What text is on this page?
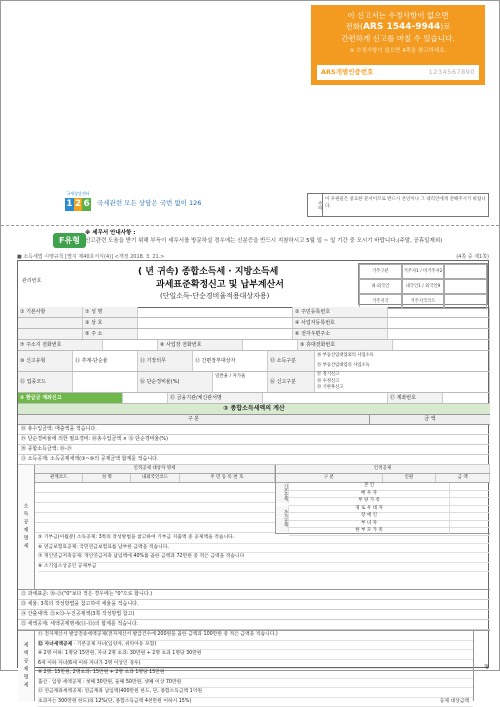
이 신고서는 수정사항이 없으면
전화(ARS 1544-9944)로
간편하게 신고를 마칠 수 있습니다.
※ 수정사항이 있으면 4쪽을 참고하세요.
ARS개별인증번호	1234567890
국세상담센터
1 2 6 국세관련 모든 상담은 국번 없이 126	주의
이 우편물은 중요한 문서이므로 반드시 본인이나 그 대리인에게 전해주시기 바랍니다.
F유형
※ 세무서 안내사항 :
신고관련 도움을 받기 위해 부득이 세무서를 방문하실 경우에는 신분증을 반드시 지참하시고 5월 일 ~ 일 기간 중 오시기 바랍니다.(주말, 공휴일제외)
■ 소득세법 시행규칙 [별지 제40호서식(4)] <개정 2018. 3. 21.>	(4쪽 중 제1쪽)
관리번호
( 년 귀속) 종합소득세 · 지방소득세
과세표준확정신고 및 납부계산서
(단일소득-단순경비율적용대상자용)
거주구분	거주자1 / 비거주자2
내·외국인	내국인1 / 외국인9
거주지국	거주지국코드
① 기본사항	① 성 명	② 주민등록번호
③ 상 호	④ 사업자등록번호
⑤ 주 소	⑥ 전자우편주소
⑦ 주소지 전화번호	⑧ 사업장 전화번호	⑨ 휴대전화번호
⑩ 신고유형	⑪ 추계-단순율	⑪ 기장의무	⑫ 간편장부대상자	⑬ 소득구분
⑭ 부동산임대업외의 사업소득
⑮ 부동산임대업의 사업소득
⑮ 업종코드	⑯ 단순경비율(%)
일반율 / 자가율
⑯ 신고구분
⑰ 정기신고
⑱ 수정신고
⑲ 기한후신고
② 환급금 계좌신고	⑮ 금융기관/체신관서명	⑰ 계좌번호
③ 종합소득세액의 계산
구 분	금 액
⑱ 총수입금액: 매출액을 적습니다.
⑲ 단순경비율에 의한 필요경비: ⑱총수입금액 × ⑯ 단순경비율(%)
⑳ 종합소득금액: ⑱-⑲
㉑ 소득공제: 소득공제세액(③~⑩의 공제금액 합계를 적습니다.
소득공제명세
인적공제 대상자 명세
관계코드	성 명	내외국인코드	주 민 등 록 번 호
인적공제
구 분	인원	금 액
기본공제	본 인
배 우 자
부 양 가 족
추가공제
경 로 우 대 자
장 애 인
부 녀 자
한 부 모 가 족
⑤ 기부금(이월분) 소득공제: 3쪽의 작성방법을 참고하여 기부금 지출액 중 공제액을 적습니다.
⑥ 연금보험료공제: 국민연금보험료를 납부한 금액을 적습니다.
⑦ 개인연금저축공제: 개인연금저축 납입액에 40%를 곱한 금액과 72만원 중 적은 금액을 적습니다
⑧ 소기업소상공인 공제부금
㉒ 과세표준: ⑳-㉑("0"보다 적은 경우에는 "0"으로 합니다.)
㉓ 세율: 3쪽의 작성방법을 참고하여 세율을 적습니다.
㉔ 산출세액: ㉒×㉓-누진공제액(3쪽 작성방법 참고)
㉕ 세액공제: 세액공제명세(⑪-⑬)의 합계를 적습니다.
세액공제명세
⑪ 전자계산서 발급전송세액공제(전자계산서 발급건수에 200원을 곱한 금액과 100만원 중 적은 금액을 적습니다.)
⑫ 자녀세액공제 · 기본공제 자녀(입양자, 위탁아동 포함)
※ 2명 이하: 1명당 15만원, 자녀 2명 초과: 30만원 + 2명 초과 1명당 30만원
6세 이하 자녀(6세 이하 자녀가 2명 이상인 경우)
※ 2명: 15만원, 2명초과: 15만원 + 2명 초과 1명당 15만원
출산 · 입양 세액공제 : 첫째 30만원, 둘째 50만원, 셋째 이상 70만원
⑬ 연금계좌세액공제: 연금계좌 납입액(400만원 한도, 단, 종합소득금액 1억원
초과자는 300만원 한도)의 12%(단, 종합소득금액 4천만원 이하시 15%)	공제 대상금액
명
